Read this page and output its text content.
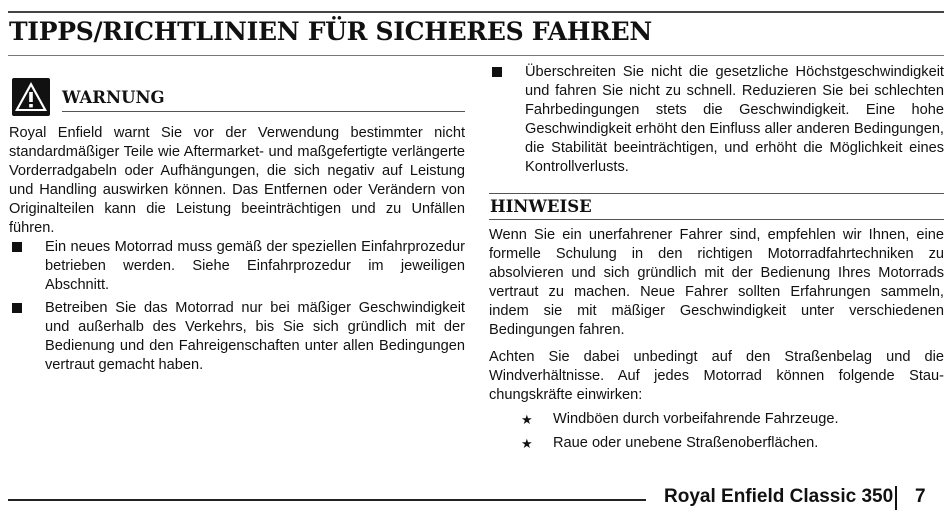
TIPPS/RICHTLINIEN FÜR SICHERES FAHREN
WARNUNG

Royal Enfield warnt Sie vor der Verwendung bestimmter nicht standardmäßiger Teile wie Aftermarket- und maßgefertigte verlängerte Vorderradgabeln oder Aufhängungen, die sich negativ auf Leistung und Handling auswirken können. Das Entfernen oder Verändern von Originalteilen kann die Leistung beeinträchtigen und zu Unfällen führen.

Ein neues Motorrad muss gemäß der speziellen Einfahrprozedur betrieben werden. Siehe Einfahrprozedur im jeweiligen Abschnitt.

Betreiben Sie das Motorrad nur bei mäßiger Geschwindigkeit und außerhalb des Verkehrs, bis Sie sich gründlich mit der Bedienung und den Fahreigenschaften unter allen Bedingungen vertraut gemacht haben.

Überschreiten Sie nicht die gesetzliche Höchstgeschwindigkeit und fahren Sie nicht zu schnell. Reduzieren Sie bei schlechten Fahrbedingungen stets die Geschwindigkeit. Eine hohe Geschwindigkeit erhöht den Einfluss aller anderen Bedingungen, die Stabilität beeinträchtigen, und erhöht die Möglichkeit eines Kontrollverlusts.

HINWEISE

Wenn Sie ein unerfahrener Fahrer sind, empfehlen wir Ihnen, eine formelle Schulung in den richtigen Motorradfahrtechniken zu absolvieren und sich gründlich mit der Bedienung Ihres Motorrads vertraut zu machen. Neue Fahrer sollten Erfahrungen sammeln, indem sie mit mäßiger Geschwindigkeit unter verschiedenen Bedingungen fahren.

Achten Sie dabei unbedingt auf den Straßenbelag und die Windverhältnisse. Auf jedes Motorrad können folgende Stauchungskräfte einwirken:

★ Windböen durch vorbeifahrende Fahrzeuge.
★ Raue oder unebene Straßenoberflächen.
Royal Enfield Classic 350 7
